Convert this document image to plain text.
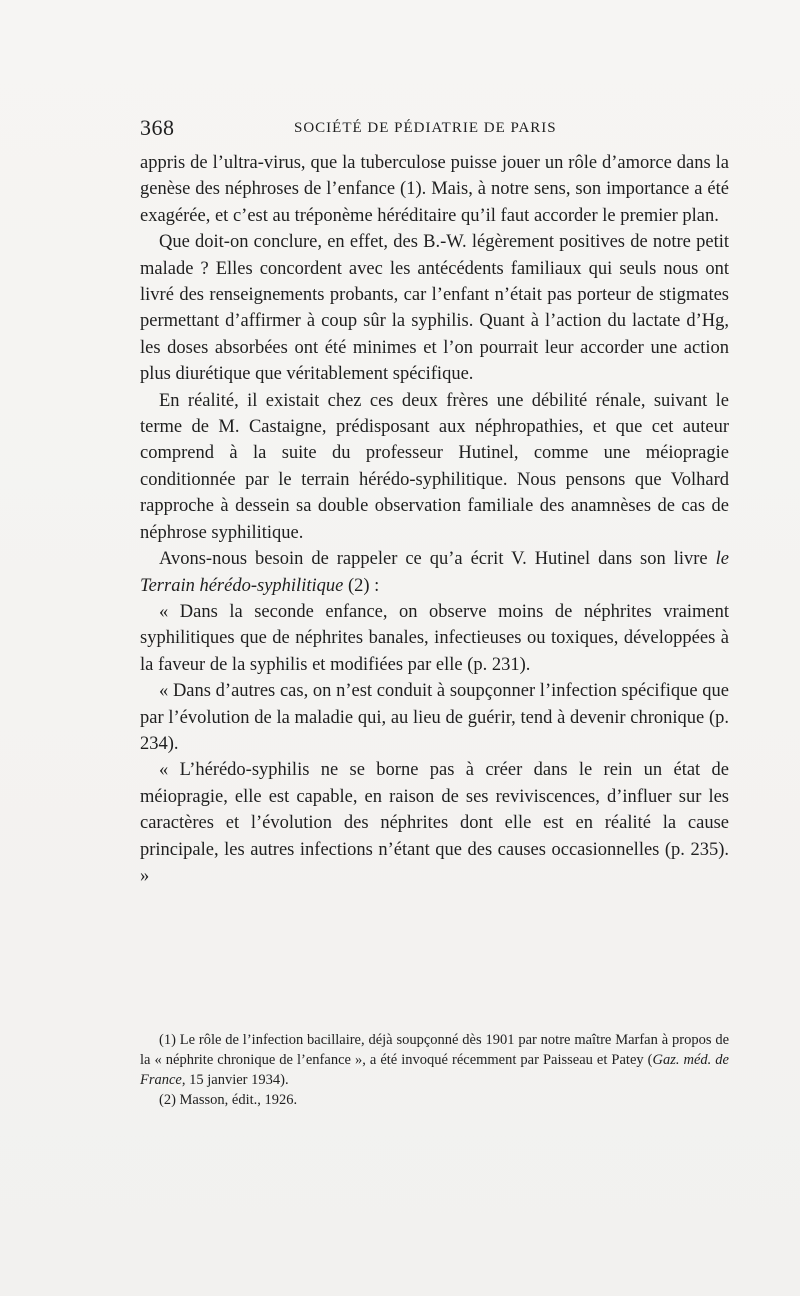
368	SOCIÉTÉ DE PÉDIATRIE DE PARIS

appris de l’ultra-virus, que la tuberculose puisse jouer un rôle d’amorce dans la genèse des néphroses de l’enfance (1). Mais, à notre sens, son importance a été exagérée, et c’est au tréponème héréditaire qu’il faut accorder le premier plan.

Que doit-on conclure, en effet, des B.-W. légèrement positives de notre petit malade ? Elles concordent avec les antécédents familiaux qui seuls nous ont livré des renseignements probants, car l’enfant n’était pas porteur de stigmates permettant d’affirmer à coup sûr la syphilis. Quant à l’action du lactate d’Hg, les doses absorbées ont été minimes et l’on pourrait leur accorder une action plus diurétique que véritablement spécifique.

En réalité, il existait chez ces deux frères une débilité rénale, suivant le terme de M. Castaigne, prédisposant aux néphropathies, et que cet auteur comprend à la suite du professeur Hutinel, comme une méiopragie conditionnée par le terrain hérédo-syphilitique. Nous pensons que Volhard rapproche à dessein sa double observation familiale des anamnèses de cas de néphrose syphilitique.

Avons-nous besoin de rappeler ce qu’a écrit V. Hutinel dans son livre le Terrain hérédo-syphilitique (2) :

« Dans la seconde enfance, on observe moins de néphrites vraiment syphilitiques que de néphrites banales, infectieuses ou toxiques, développées à la faveur de la syphilis et modifiées par elle (p. 231).

« Dans d’autres cas, on n’est conduit à soupçonner l’infection spécifique que par l’évolution de la maladie qui, au lieu de guérir, tend à devenir chronique (p. 234).

« L’hérédo-syphilis ne se borne pas à créer dans le rein un état de méiopragie, elle est capable, en raison de ses reviviscences, d’influer sur les caractères et l’évolution des néphrites dont elle est en réalité la cause principale, les autres infections n’étant que des causes occasionnelles (p. 235). »

(1) Le rôle de l’infection bacillaire, déjà soupçonné dès 1901 par notre maître Marfan à propos de la « néphrite chronique de l’enfance », a été invoqué récemment par Paisseau et Patey (Gaz. méd. de France, 15 janvier 1934).

(2) Masson, édit., 1926.
